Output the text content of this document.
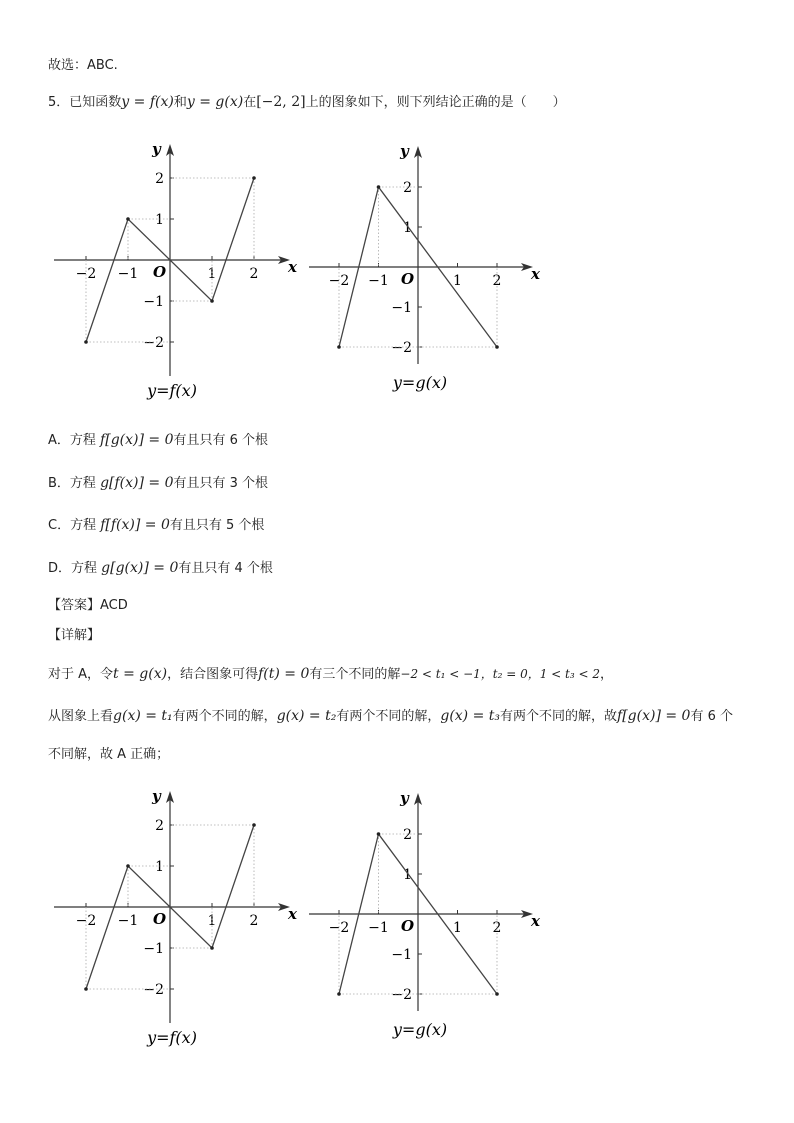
故选：ABC.
5．已知函数y = f(x)和y = g(x)在[−2, 2]上的图象如下，则下列结论正确的是（　　）
x
y
O
−2 −1	1 2
2
1
−1
−2
y=f(x)
x
y
O
−2 −1	1 2
2
1
−1
−2
y=g(x)
A．方程 f[g(x)] = 0有且只有 6 个根
B．方程 g[f(x)] = 0有且只有 3 个根
C．方程 f[f(x)] = 0有且只有 5 个根
D．方程 g[g(x)] = 0有且只有 4 个根
【答案】ACD
【详解】
对于 A，令t = g(x)，结合图象可得f(t) = 0有三个不同的解−2 < t₁ < −1，t₂ = 0，1 < t₃ < 2，
从图象上看g(x) = t₁有两个不同的解，g(x) = t₂有两个不同的解，g(x) = t₃有两个不同的解，故f[g(x)] = 0有 6 个
不同解，故 A 正确；
x
y
O
−2 −1	1 2
2
1
−1
−2
y=f(x)
x
y
O
−2 −1	1 2
2
1
−1
−2
y=g(x)
